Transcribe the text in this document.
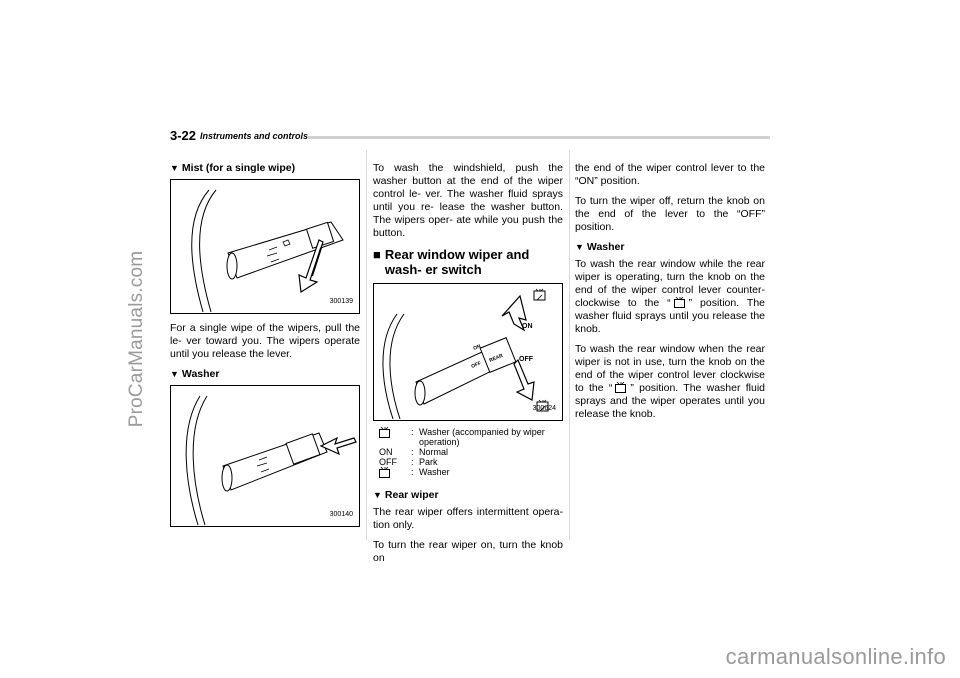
ProCarManuals.com
carmanualsonline.info
3-22 Instruments and controls
▼ Mist (for a single wipe)
300139

For a single wipe of the wipers, pull the le- ver toward you. The wipers operate until you release the lever.

▼ Washer
300140

To wash the windshield, push the washer button at the end of the wiper control le- ver. The washer fluid sprays until you re- lease the washer button. The wipers oper- ate while you push the button.

■ Rear window wiper and wash- er switch
ON
OFF
ON
OFF
REAR
300624
: Washer (accompanied by wiper operation)
ON	: Normal
OFF	: Park
: Washer
▼ Rear wiper

The rear wiper offers intermittent opera- tion only.

To turn the rear wiper on, turn the knob on

the end of the wiper control lever to the “ON” position.

To turn the wiper off, return the knob on the end of the lever to the “OFF” position.

▼ Washer

To wash the rear window while the rear wiper is operating, turn the knob on the end of the wiper control lever counter- clockwise to the “ ” position. The washer fluid sprays until you release the knob.

To wash the rear window when the rear wiper is not in use, turn the knob on the end of the wiper control lever clockwise to the “ ” position. The washer fluid sprays and the wiper operates until you release the knob.
